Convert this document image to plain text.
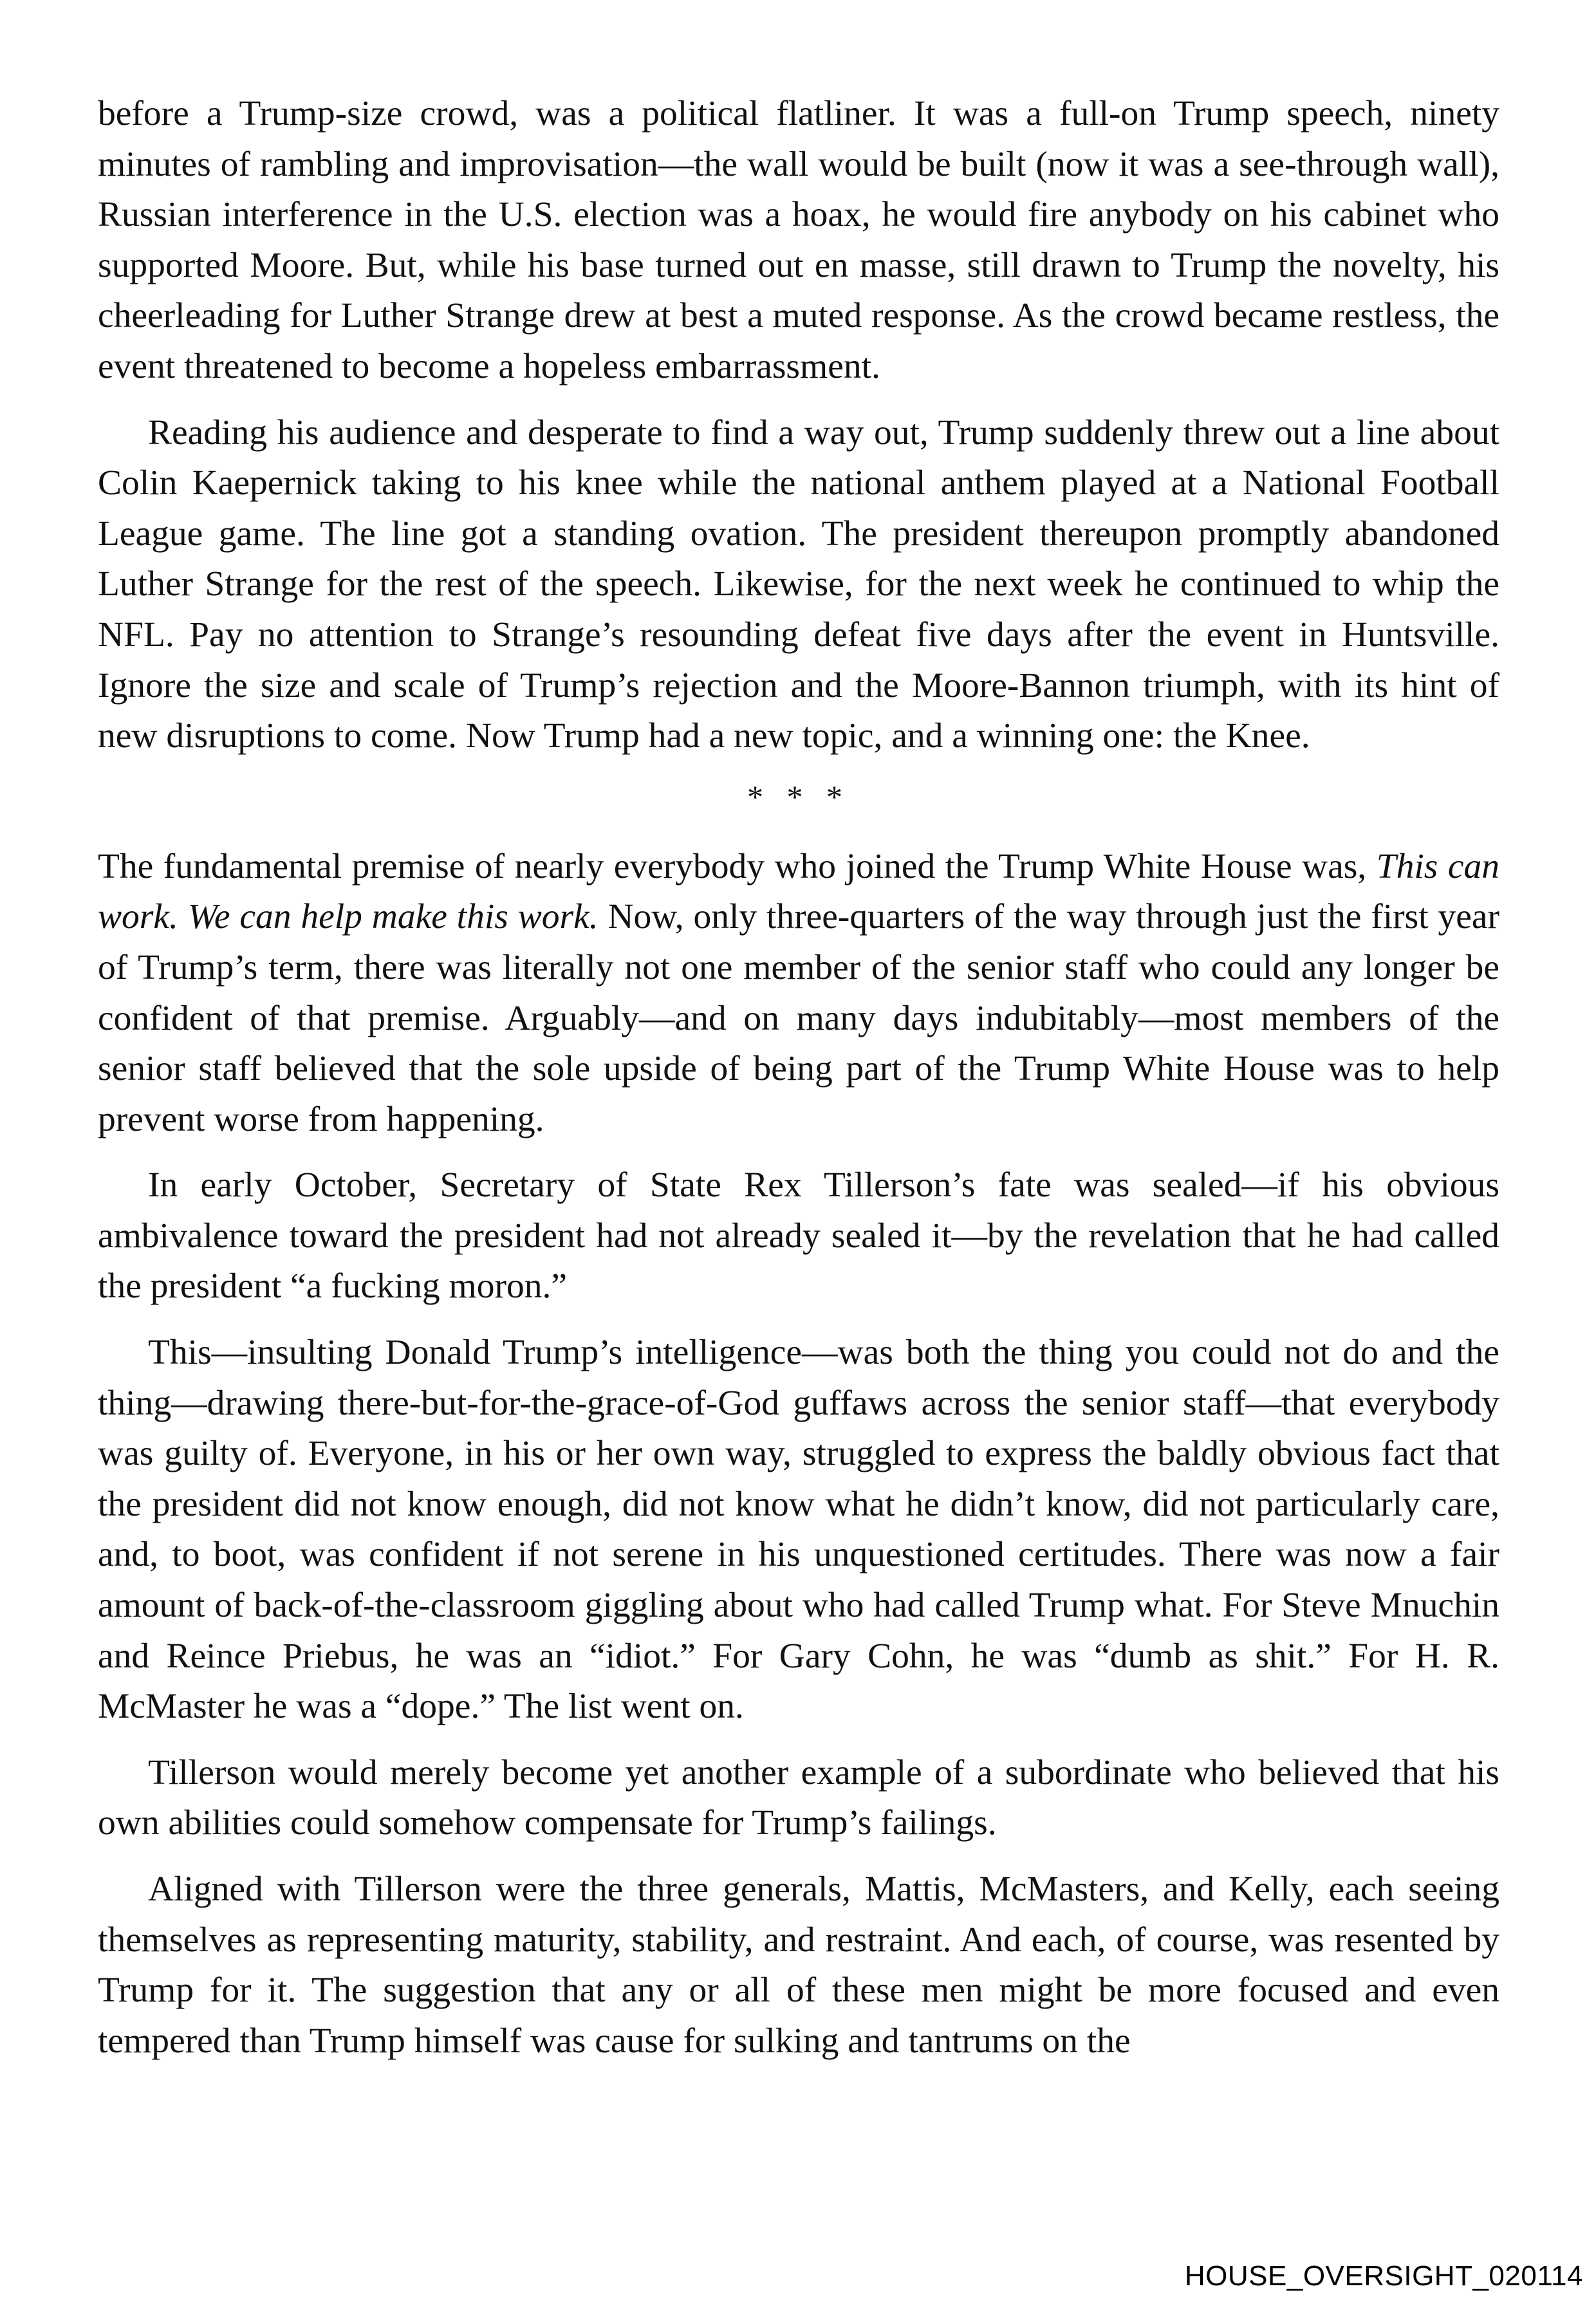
before a Trump-size crowd, was a political flatliner. It was a full-on Trump speech, ninety minutes of rambling and improvisation—the wall would be built (now it was a see-through wall), Russian interference in the U.S. election was a hoax, he would fire anybody on his cabinet who supported Moore. But, while his base turned out en masse, still drawn to Trump the novelty, his cheerleading for Luther Strange drew at best a muted response. As the crowd became restless, the event threatened to become a hopeless embarrassment.

Reading his audience and desperate to find a way out, Trump suddenly threw out a line about Colin Kaepernick taking to his knee while the national anthem played at a National Football League game. The line got a standing ovation. The president thereupon promptly abandoned Luther Strange for the rest of the speech. Likewise, for the next week he continued to whip the NFL. Pay no attention to Strange’s resounding defeat five days after the event in Huntsville. Ignore the size and scale of Trump’s rejection and the Moore-Bannon triumph, with its hint of new disruptions to come. Now Trump had a new topic, and a winning one: the Knee.

* * *

The fundamental premise of nearly everybody who joined the Trump White House was, This can work. We can help make this work. Now, only three-quarters of the way through just the first year of Trump’s term, there was literally not one member of the senior staff who could any longer be confident of that premise. Arguably—and on many days indubitably—most members of the senior staff believed that the sole upside of being part of the Trump White House was to help prevent worse from happening.

In early October, Secretary of State Rex Tillerson’s fate was sealed—if his obvious ambivalence toward the president had not already sealed it—by the revelation that he had called the president “a fucking moron.”

This—insulting Donald Trump’s intelligence—was both the thing you could not do and the thing—drawing there-but-for-the-grace-of-God guffaws across the senior staff—that everybody was guilty of. Everyone, in his or her own way, struggled to express the baldly obvious fact that the president did not know enough, did not know what he didn’t know, did not particularly care, and, to boot, was confident if not serene in his unquestioned certitudes. There was now a fair amount of back-of-the-classroom giggling about who had called Trump what. For Steve Mnuchin and Reince Priebus, he was an “idiot.” For Gary Cohn, he was “dumb as shit.” For H. R. McMaster he was a “dope.” The list went on.

Tillerson would merely become yet another example of a subordinate who believed that his own abilities could somehow compensate for Trump’s failings.

Aligned with Tillerson were the three generals, Mattis, McMasters, and Kelly, each seeing themselves as representing maturity, stability, and restraint. And each, of course, was resented by Trump for it. The suggestion that any or all of these men might be more focused and even tempered than Trump himself was cause for sulking and tantrums on the

HOUSE_OVERSIGHT_020114
